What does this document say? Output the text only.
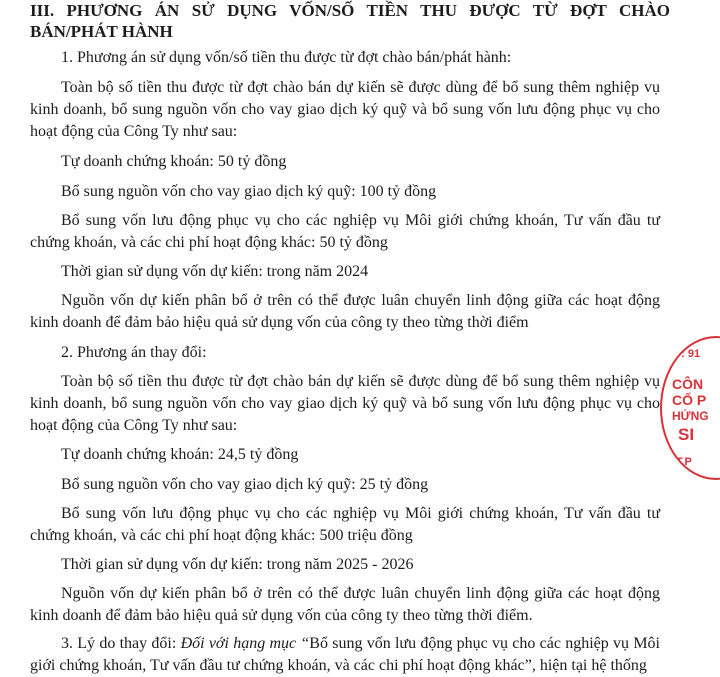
III. PHƯƠNG ÁN SỬ DỤNG VỐN/SỐ TIỀN THU ĐƯỢC TỪ ĐỢT CHÀO BÁN/PHÁT HÀNH

1. Phương án sử dụng vốn/số tiền thu được từ đợt chào bán/phát hành:

Toàn bộ số tiền thu được từ đợt chào bán dự kiến sẽ được dùng để bổ sung thêm nghiệp vụ kinh doanh, bổ sung nguồn vốn cho vay giao dịch ký quỹ và bổ sung vốn lưu động phục vụ cho hoạt động của Công Ty như sau:

Tự doanh chứng khoán: 50 tỷ đồng

Bổ sung nguồn vốn cho vay giao dịch ký quỹ: 100 tỷ đồng

Bổ sung vốn lưu động phục vụ cho các nghiệp vụ Môi giới chứng khoán, Tư vấn đầu tư chứng khoán, và các chi phí hoạt động khác: 50 tỷ đồng

Thời gian sử dụng vốn dự kiến: trong năm 2024

Nguồn vốn dự kiến phân bổ ở trên có thể được luân chuyển linh động giữa các hoạt động kinh doanh để đảm bảo hiệu quả sử dụng vốn của công ty theo từng thời điểm

2. Phương án thay đổi:

Toàn bộ số tiền thu được từ đợt chào bán dự kiến sẽ được dùng để bổ sung thêm nghiệp vụ kinh doanh, bổ sung nguồn vốn cho vay giao dịch ký quỹ và bổ sung vốn lưu động phục vụ cho hoạt động của Công Ty như sau:

Tự doanh chứng khoán: 24,5 tỷ đồng

Bổ sung nguồn vốn cho vay giao dịch ký quỹ: 25 tỷ đồng

Bổ sung vốn lưu động phục vụ cho các nghiệp vụ Môi giới chứng khoán, Tư vấn đầu tư chứng khoán, và các chi phí hoạt động khác: 500 triệu đồng

Thời gian sử dụng vốn dự kiến: trong năm 2025 - 2026

Nguồn vốn dự kiến phân bổ ở trên có thể được luân chuyển linh động giữa các hoạt động kinh doanh để đảm bảo hiệu quả sử dụng vốn của công ty theo từng thời điểm.

3. Lý do thay đổi: Đối với hạng mục “Bổ sung vốn lưu động phục vụ cho các nghiệp vụ Môi giới chứng khoán, Tư vấn đầu tư chứng khoán, và các chi phí hoạt động khác”, hiện tại hệ thống

9 : 91
CÔN
CỔ P
HỨNG
SI
T.P
